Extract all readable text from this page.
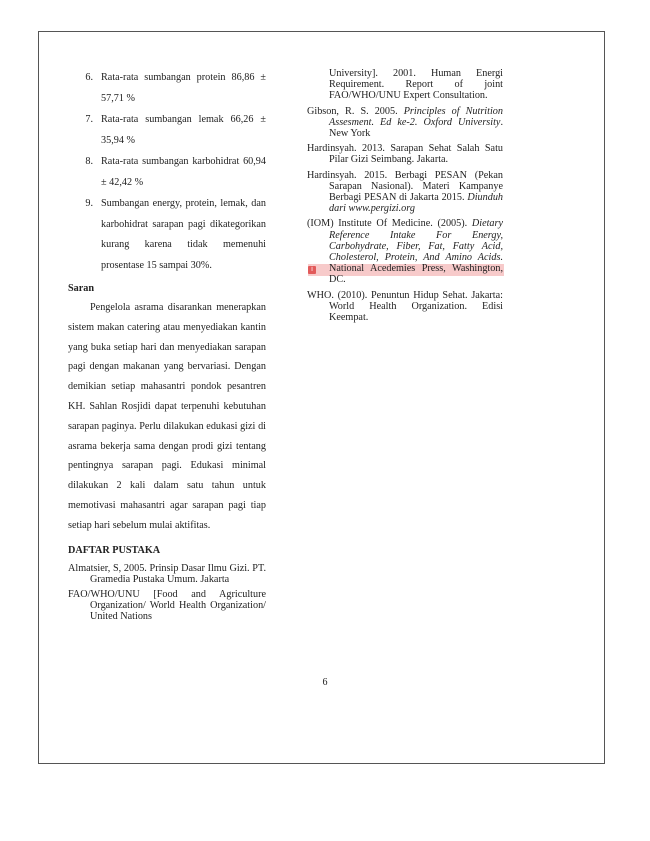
i
6. Rata-rata sumbangan protein 86,86 ± 57,71 %
7. Rata-rata sumbangan lemak 66,26 ± 35,94 %
8. Rata-rata sumbangan karbohidrat 60,94 ± 42,42 %
9. Sumbangan energy, protein, lemak, dan karbohidrat sarapan pagi dikategorikan kurang karena tidak memenuhi prosentase 15 sampai 30%.
Saran
Pengelola asrama disarankan menerapkan sistem makan catering atau menyediakan kantin yang buka setiap hari dan menyediakan sarapan pagi dengan makanan yang bervariasi. Dengan demikian setiap mahasantri pondok pesantren KH. Sahlan Rosjidi dapat terpenuhi kebutuhan sarapan paginya. Perlu dilakukan edukasi gizi di asrama bekerja sama dengan prodi gizi tentang pentingnya sarapan pagi. Edukasi minimal dilakukan 2 kali dalam satu tahun untuk memotivasi mahasantri agar sarapan pagi tiap setiap hari sebelum mulai aktifitas.
DAFTAR PUSTAKA
Almatsier, S, 2005. Prinsip Dasar Ilmu Gizi. PT. Gramedia Pustaka Umum. Jakarta
FAO/WHO/UNU [Food and Agriculture Organization/ World Health Organization/ United Nations
University]. 2001. Human Energi Requirement. Report of joint FAO/WHO/UNU Expert Consultation.
Gibson, R. S. 2005. Principles of Nutrition Assesment. Ed ke-2. Oxford University. New York
Hardinsyah. 2013. Sarapan Sehat Salah Satu Pilar Gizi Seimbang. Jakarta.
Hardinsyah. 2015. Berbagi PESAN (Pekan Sarapan Nasional). Materi Kampanye Berbagi PESAN di Jakarta 2015. Diunduh dari www.pergizi.org
(IOM) Institute Of Medicine. (2005). Dietary Reference Intake For Energy, Carbohydrate, Fiber, Fat, Fatty Acid, Cholesterol, Protein, And Amino Acids. National Acedemies Press, Washington, DC.
WHO. (2010). Penuntun Hidup Sehat. Jakarta: World Health Organization. Edisi Keempat.
6
